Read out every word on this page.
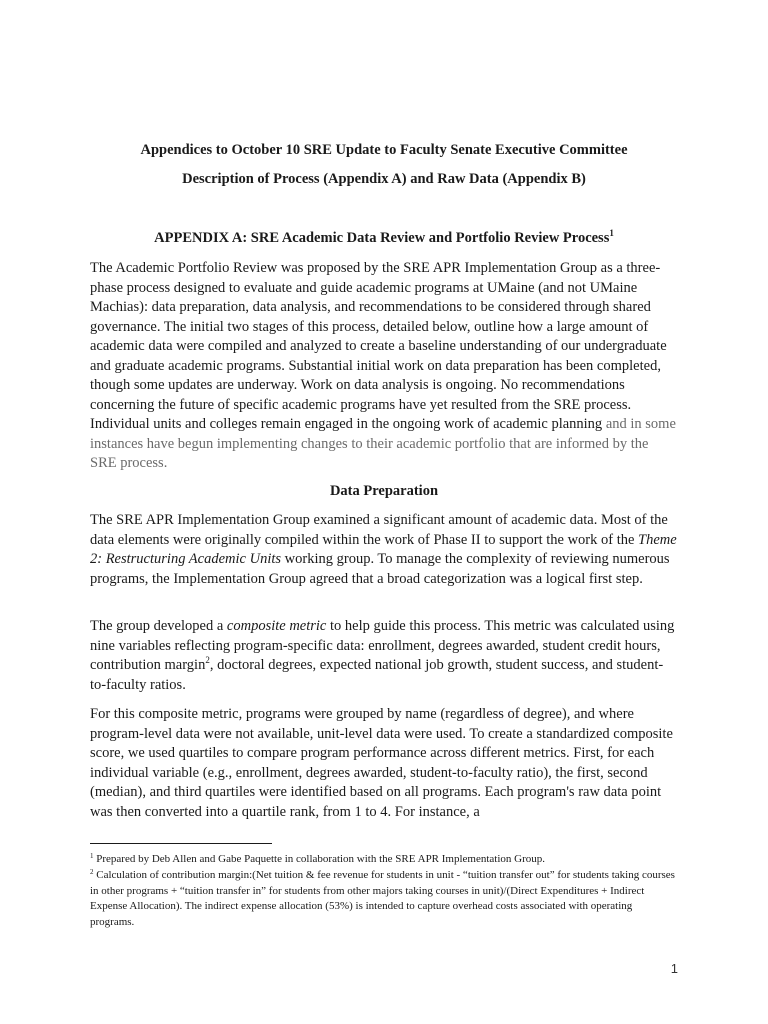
Appendices to October 10 SRE Update to Faculty Senate Executive Committee
Description of Process (Appendix A) and Raw Data (Appendix B)
APPENDIX A: SRE Academic Data Review and Portfolio Review Process$^1$

The Academic Portfolio Review was proposed by the SRE APR Implementation Group as a three-phase process designed to evaluate and guide academic programs at UMaine (and not UMaine Machias): data preparation, data analysis, and recommendations to be considered through shared governance. The initial two stages of this process, detailed below, outline how a large amount of academic data were compiled and analyzed to create a baseline understanding of our undergraduate and graduate academic programs. Substantial initial work on data preparation has been completed, though some updates are underway. Work on data analysis is ongoing. No recommendations concerning the future of specific academic programs have yet resulted from the SRE process. Individual units and colleges remain engaged in the ongoing work of academic planning and in some instances have begun implementing changes to their academic portfolio that are informed by the SRE process.

Data Preparation

The SRE APR Implementation Group examined a significant amount of academic data. Most of the data elements were originally compiled within the work of Phase II to support the work of the Theme 2: Restructuring Academic Units working group. To manage the complexity of reviewing numerous programs, the Implementation Group agreed that a broad categorization was a logical first step.

The group developed a composite metric to help guide this process. This metric was calculated using nine variables reflecting program-specific data: enrollment, degrees awarded, student credit hours, contribution margin$^2$, doctoral degrees, expected national job growth, student success, and student-to-faculty ratios.

For this composite metric, programs were grouped by name (regardless of degree), and where program-level data were not available, unit-level data were used. To create a standardized composite score, we used quartiles to compare program performance across different metrics. First, for each individual variable (e.g., enrollment, degrees awarded, student-to-faculty ratio), the first, second (median), and third quartiles were identified based on all programs. Each program's raw data point was then converted into a quartile rank, from 1 to 4. For instance, a

$^1$ Prepared by Deb Allen and Gabe Paquette in collaboration with the SRE APR Implementation Group.

$^2$ Calculation of contribution margin:(Net tuition & fee revenue for students in unit - “tuition transfer out” for students taking courses in other programs + “tuition transfer in” for students from other majors taking courses in unit)/(Direct Expenditures + Indirect Expense Allocation). The indirect expense allocation (53%) is intended to capture overhead costs associated with operating programs.

1
